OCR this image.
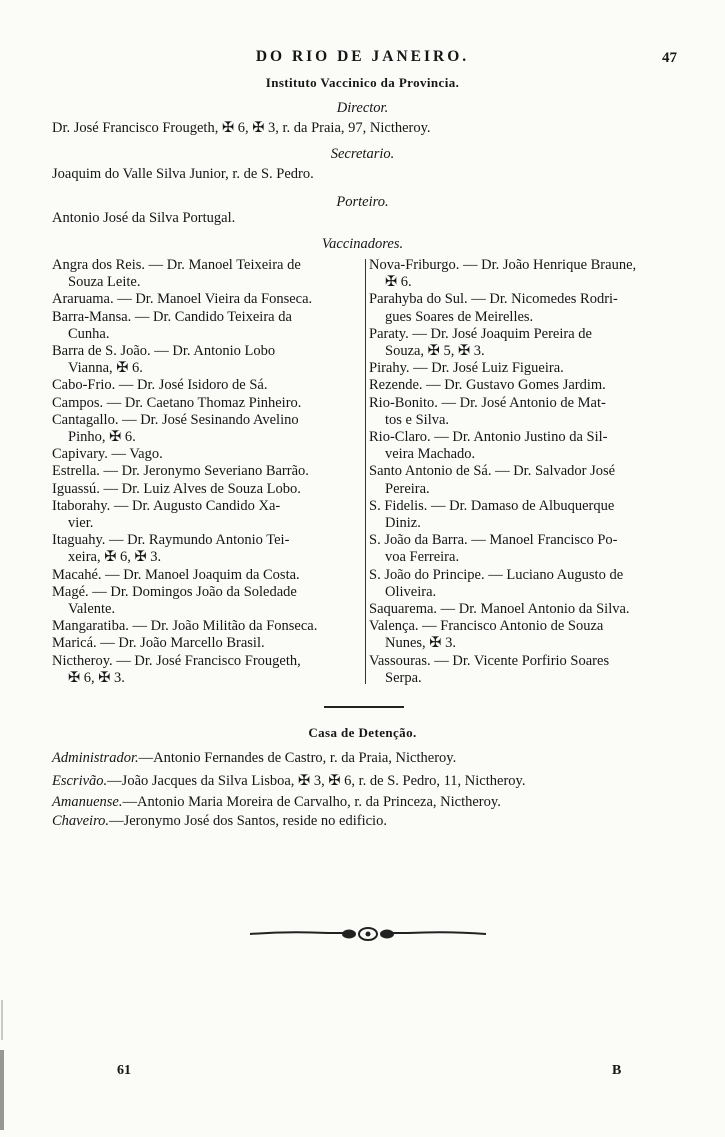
DO RIO DE JANEIRO.	47
Instituto Vaccinico da Provincia.
Director.
Dr. José Francisco Frougeth, ✠ 6, ✠ 3, r. da Praia, 97, Nictheroy.
Secretario.
Joaquim do Valle Silva Junior, r. de S. Pedro.
Porteiro.
Antonio José da Silva Portugal.
Vaccinadores.
Angra dos Reis. — Dr. Manoel Teixeira de
Souza Leite.
Araruama. — Dr. Manoel Vieira da Fonseca.
Barra-Mansa. — Dr. Candido Teixeira da
Cunha.
Barra de S. João. — Dr. Antonio Lobo
Vianna, ✠ 6.
Cabo-Frio. — Dr. José Isidoro de Sá.
Campos. — Dr. Caetano Thomaz Pinheiro.
Cantagallo. — Dr. José Sesinando Avelino
Pinho, ✠ 6.
Capivary. — Vago.
Estrella. — Dr. Jeronymo Severiano Barrão.
Iguassú. — Dr. Luiz Alves de Souza Lobo.
Itaborahy. — Dr. Augusto Candido Xa-
vier.
Itaguahy. — Dr. Raymundo Antonio Tei-
xeira, ✠ 6, ✠ 3.
Macahé. — Dr. Manoel Joaquim da Costa.
Magé. — Dr. Domingos João da Soledade
Valente.
Mangaratiba. — Dr. João Militão da Fonseca.
Maricá. — Dr. João Marcello Brasil.
Nictheroy. — Dr. José Francisco Frougeth,
✠ 6, ✠ 3.
Nova-Friburgo. — Dr. João Henrique Braune,
✠ 6.
Parahyba do Sul. — Dr. Nicomedes Rodri-
gues Soares de Meirelles.
Paraty. — Dr. José Joaquim Pereira de
Souza, ✠ 5, ✠ 3.
Pirahy. — Dr. José Luiz Figueira.
Rezende. — Dr. Gustavo Gomes Jardim.
Rio-Bonito. — Dr. José Antonio de Mat-
tos e Silva.
Rio-Claro. — Dr. Antonio Justino da Sil-
veira Machado.
Santo Antonio de Sá. — Dr. Salvador José
Pereira.
S. Fidelis. — Dr. Damaso de Albuquerque
Diniz.
S. João da Barra. — Manoel Francisco Po-
voa Ferreira.
S. João do Principe. — Luciano Augusto de
Oliveira.
Saquarema. — Dr. Manoel Antonio da Silva.
Valença. — Francisco Antonio de Souza
Nunes, ✠ 3.
Vassouras. — Dr. Vicente Porfirio Soares
Serpa.
Casa de Detenção.
Administrador.—Antonio Fernandes de Castro, r. da Praia, Nictheroy.
Escrivão.—João Jacques da Silva Lisboa, ✠ 3, ✠ 6, r. de S. Pedro, 11, Nictheroy.
Amanuense.—Antonio Maria Moreira de Carvalho, r. da Princeza, Nictheroy.
Chaveiro.—Jeronymo José dos Santos, reside no edificio.
61	B
